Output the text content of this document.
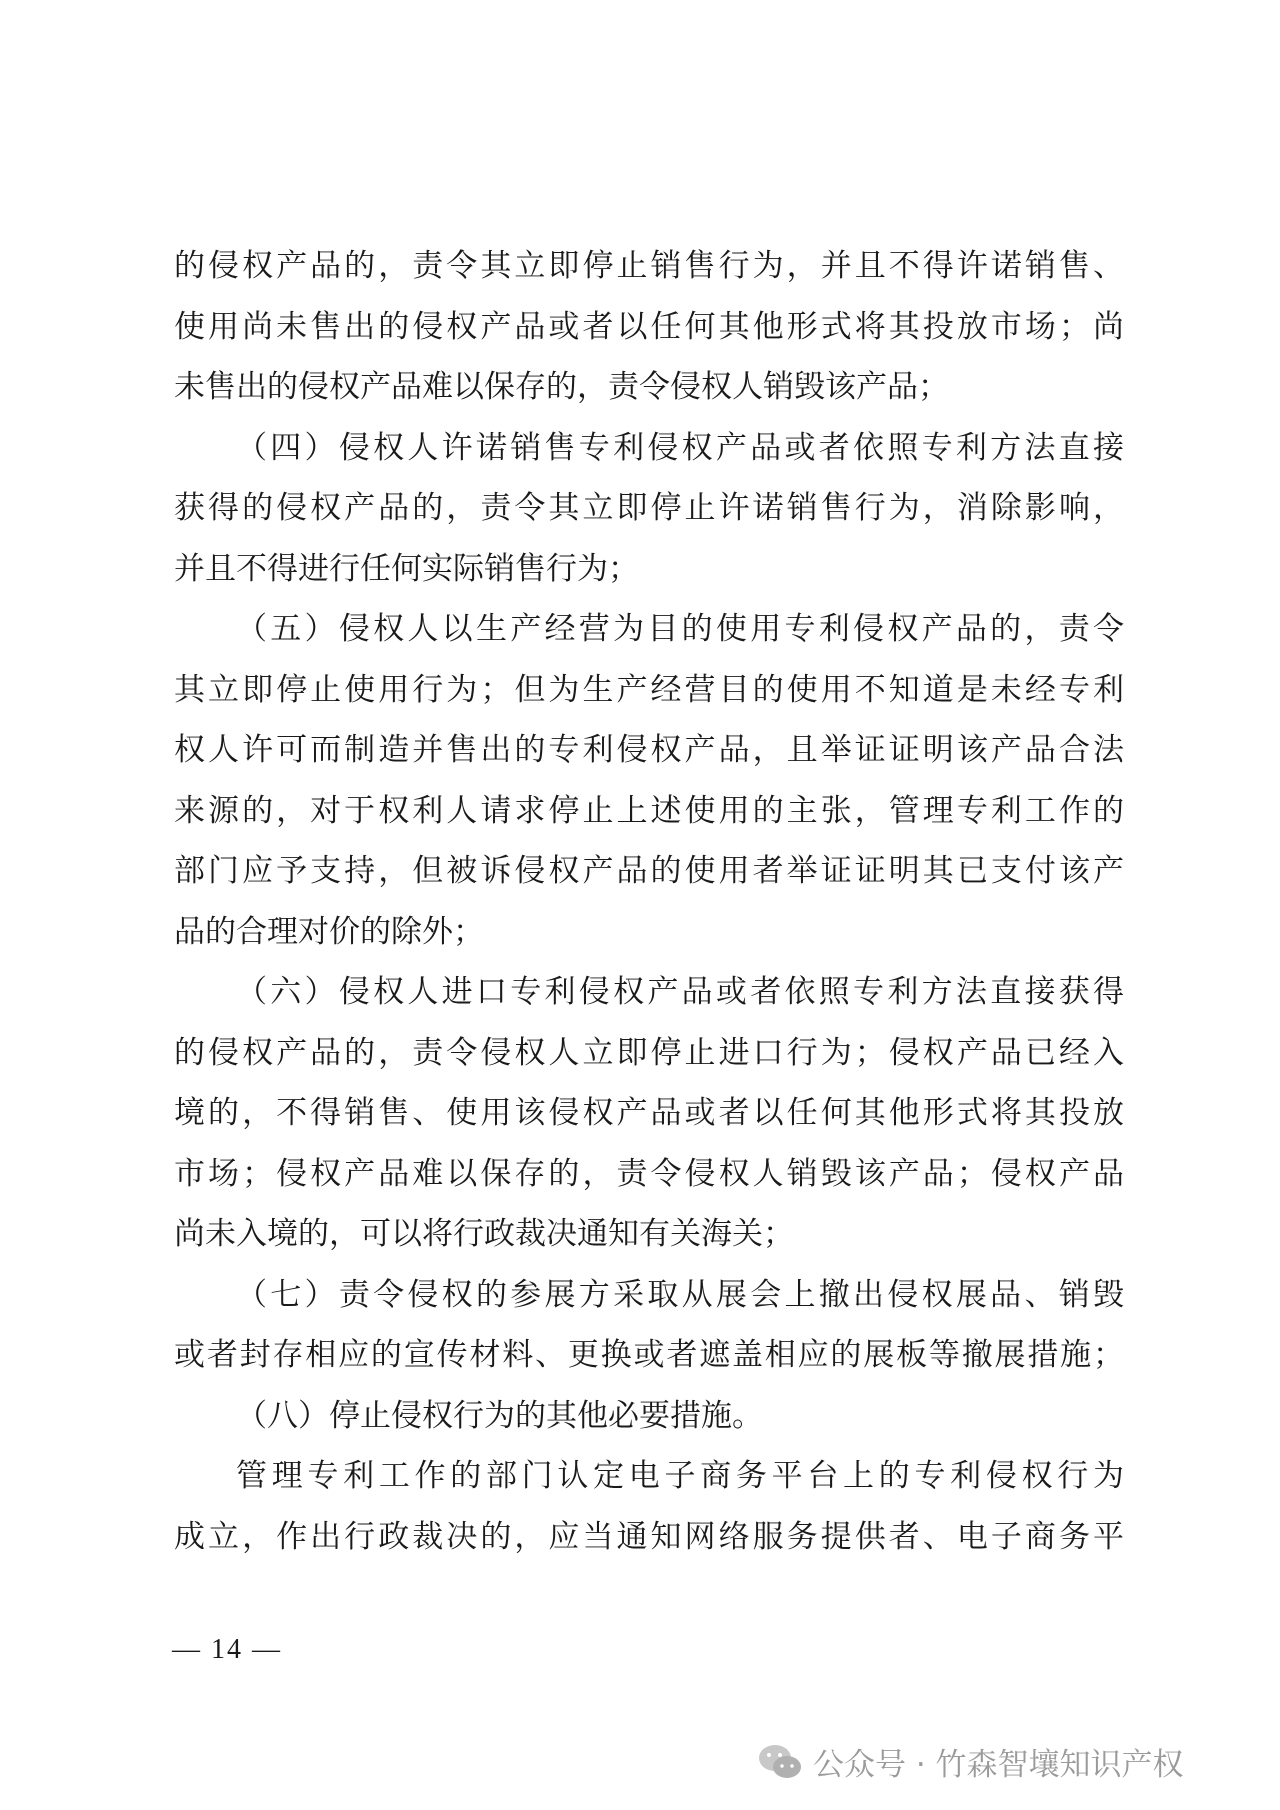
的侵权产品的，责令其立即停止销售行为，并且不得许诺销售、
使用尚未售出的侵权产品或者以任何其他形式将其投放市场；尚
未售出的侵权产品难以保存的，责令侵权人销毁该产品；
（四）侵权人许诺销售专利侵权产品或者依照专利方法直接
获得的侵权产品的，责令其立即停止许诺销售行为，消除影响，
并且不得进行任何实际销售行为；
（五）侵权人以生产经营为目的使用专利侵权产品的，责令
其立即停止使用行为；但为生产经营目的使用不知道是未经专利
权人许可而制造并售出的专利侵权产品，且举证证明该产品合法
来源的，对于权利人请求停止上述使用的主张，管理专利工作的
部门应予支持，但被诉侵权产品的使用者举证证明其已支付该产
品的合理对价的除外；
（六）侵权人进口专利侵权产品或者依照专利方法直接获得
的侵权产品的，责令侵权人立即停止进口行为；侵权产品已经入
境的，不得销售、使用该侵权产品或者以任何其他形式将其投放
市场；侵权产品难以保存的，责令侵权人销毁该产品；侵权产品
尚未入境的，可以将行政裁决通知有关海关；
（七）责令侵权的参展方采取从展会上撤出侵权展品、销毁
或者封存相应的宣传材料、更换或者遮盖相应的展板等撤展措施；
（八）停止侵权行为的其他必要措施。
管理专利工作的部门认定电子商务平台上的专利侵权行为
成立，作出行政裁决的，应当通知网络服务提供者、电子商务平
— 14 —
公众号 · 竹森智壤知识产权
